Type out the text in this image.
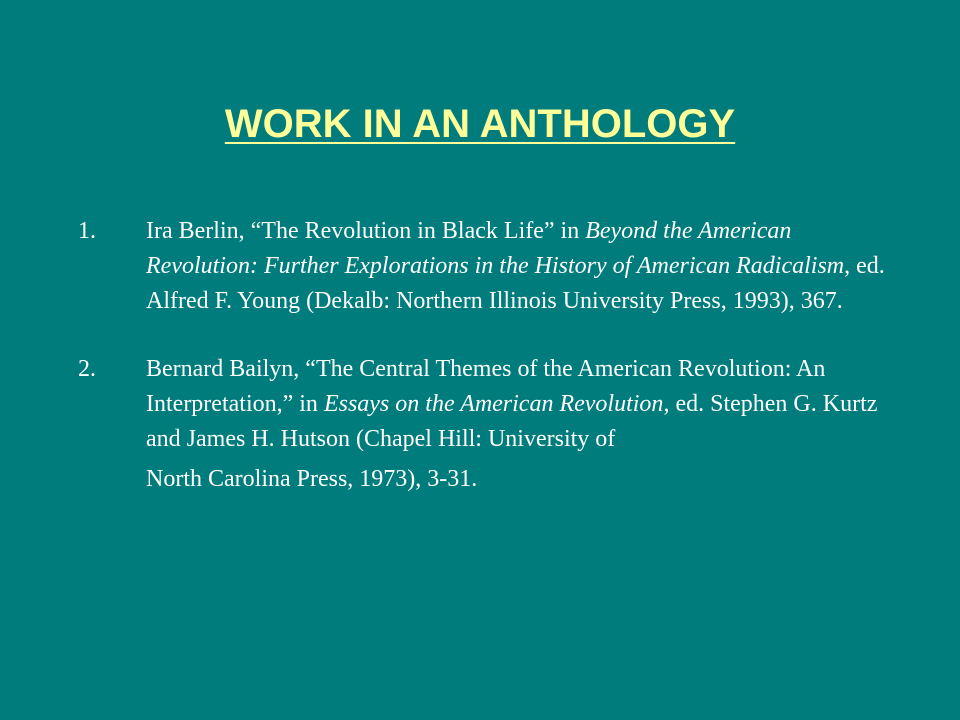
WORK IN AN ANTHOLOGY
1.	Ira Berlin, “The Revolution in Black Life” in Beyond the American Revolution: Further Explorations in the History of American Radicalism, ed. Alfred F. Young (Dekalb: Northern Illinois University Press, 1993), 367.
2.	Bernard Bailyn, “The Central Themes of the American Revolution: An Interpretation,” in Essays on the American Revolution, ed. Stephen G. Kurtz and James H. Hutson (Chapel Hill: University of
North Carolina Press, 1973), 3-31.
